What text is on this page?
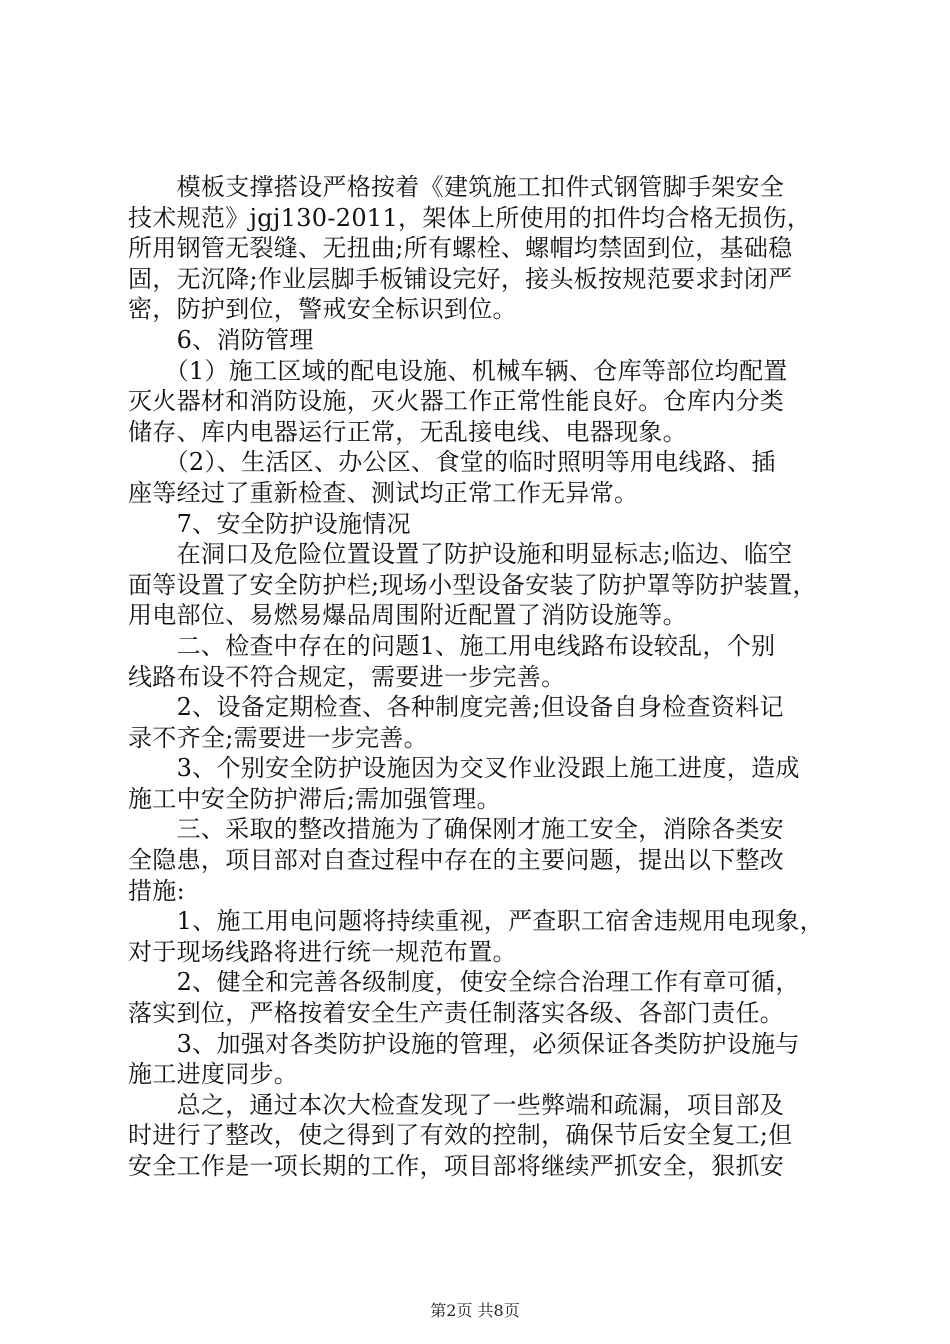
　　模板支撑搭设严格按着《建筑施工扣件式钢管脚手架安全
技术规范》jgj130-2011，架体上所使用的扣件均合格无损伤，
所用钢管无裂缝、无扭曲;所有螺栓、螺帽均禁固到位，基础稳
固，无沉降;作业层脚手板铺设完好，接头板按规范要求封闭严
密，防护到位，警戒安全标识到位。
　　6、消防管理
　　（1）施工区域的配电设施、机械车辆、仓库等部位均配置
灭火器材和消防设施，灭火器工作正常性能良好。仓库内分类
储存、库内电器运行正常，无乱接电线、电器现象。
　　（2）、生活区、办公区、食堂的临时照明等用电线路、插
座等经过了重新检查、测试均正常工作无异常。
　　7、安全防护设施情况
　　在洞口及危险位置设置了防护设施和明显标志;临边、临空
面等设置了安全防护栏;现场小型设备安装了防护罩等防护装置，
用电部位、易燃易爆品周围附近配置了消防设施等。
　　二、检查中存在的问题1、施工用电线路布设较乱，个别
线路布设不符合规定，需要进一步完善。
　　2、设备定期检查、各种制度完善;但设备自身检查资料记
录不齐全;需要进一步完善。
　　3、个别安全防护设施因为交叉作业没跟上施工进度，造成
施工中安全防护滞后;需加强管理。
　　三、采取的整改措施为了确保刚才施工安全，消除各类安
全隐患，项目部对自查过程中存在的主要问题，提出以下整改
措施:
　　1、施工用电问题将持续重视，严查职工宿舍违规用电现象，
对于现场线路将进行统一规范布置。
　　2、健全和完善各级制度，使安全综合治理工作有章可循，
落实到位，严格按着安全生产责任制落实各级、各部门责任。
　　3、加强对各类防护设施的管理，必须保证各类防护设施与
施工进度同步。
　　总之，通过本次大检查发现了一些弊端和疏漏，项目部及
时进行了整改，使之得到了有效的控制，确保节后安全复工;但
安全工作是一项长期的工作，项目部将继续严抓安全，狠抓安
第2页 共8页
